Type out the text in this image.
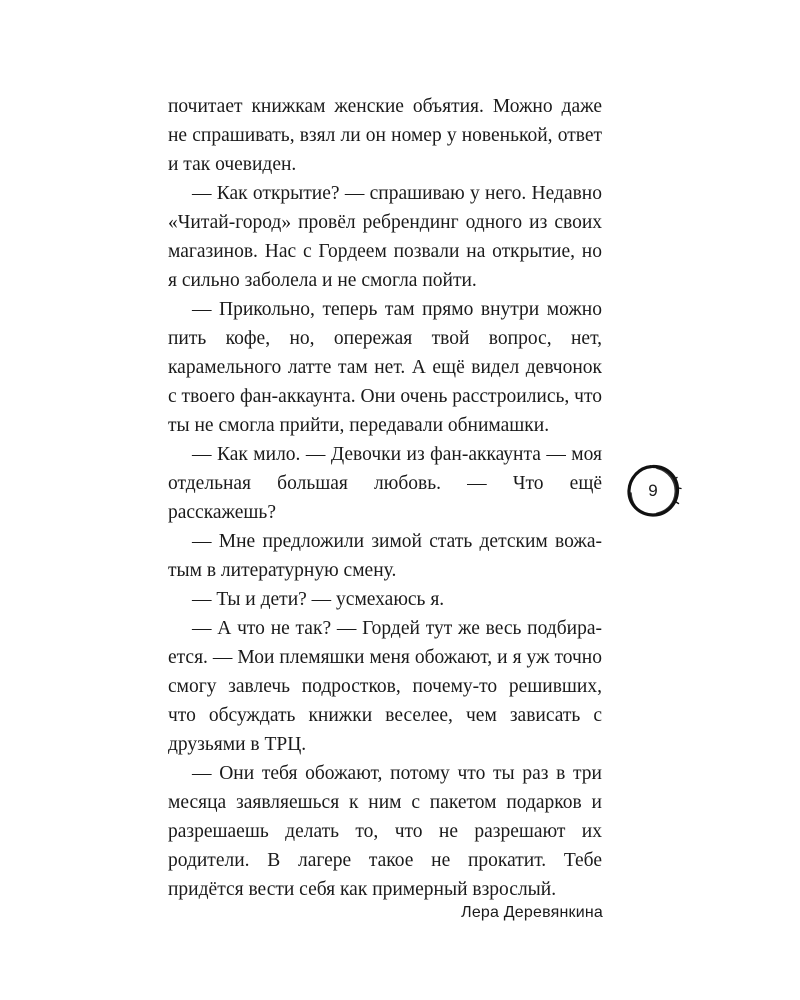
почитает книжкам женские объятия. Можно даже не спрашивать, взял ли он номер у новенькой, ответ и так очевиден.

— Как открытие? — спрашиваю у него. Недавно «Читай-город» провёл ребрендинг одного из своих магазинов. Нас с Гордеем позвали на открытие, но я сильно заболела и не смогла пойти.

— Прикольно, теперь там прямо внутри можно пить кофе, но, опережая твой вопрос, нет, карамельного латте там нет. А ещё видел девчонок с твоего фан-аккаунта. Они очень расстроились, что ты не смогла прийти, передавали обнимашки.

— Как мило. — Девочки из фан-аккаунта — моя отдельная большая любовь. — Что ещё расскажешь?

— Мне предложили зимой стать детским вожатым в литературную смену.

— Ты и дети? — усмехаюсь я.

— А что не так? — Гордей тут же весь подбирается. — Мои племяшки меня обожают, и я уж точно смогу завлечь подростков, почему-то решивших, что обсуждать книжки веселее, чем зависать с друзьями в ТРЦ.

— Они тебя обожают, потому что ты раз в три месяца заявляешься к ним с пакетом подарков и разрешаешь делать то, что не разрешают их родители. В лагере такое не прокатит. Тебе придётся вести себя как примерный взрослый.

9
Лера Деревянкина
